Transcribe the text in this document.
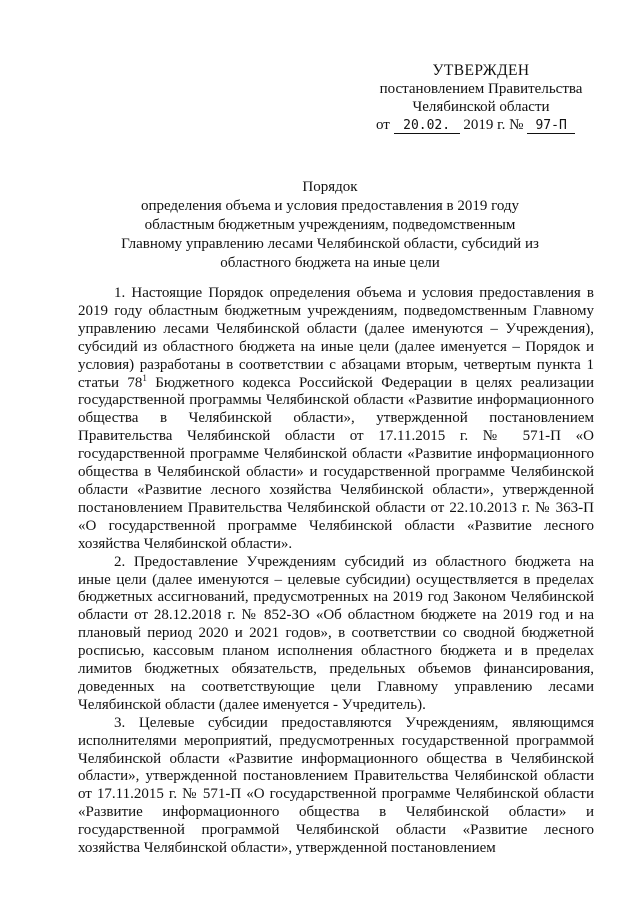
УТВЕРЖДЕН
постановлением Правительства
Челябинской области
от 20.02. 2019 г. № 97-П
Порядок
определения объема и условия предоставления в 2019 году
областным бюджетным учреждениям, подведомственным
Главному управлению лесами Челябинской области, субсидий из
областного бюджета на иные цели

1. Настоящие Порядок определения объема и условия предоставления в 2019 году областным бюджетным учреждениям, подведомственным Главному управлению лесами Челябинской области (далее именуются – Учреждения), субсидий из областного бюджета на иные цели (далее именуется – Порядок и условия) разработаны в соответствии с абзацами вторым, четвертым пункта 1 статьи $78^1$ Бюджетного кодекса Российской Федерации в целях реализации государственной программы Челябинской области «Развитие информационного общества в Челябинской области», утвержденной постановлением Правительства Челябинской области от 17.11.2015 г. № 571-П «О государственной программе Челябинской области «Развитие информационного общества в Челябинской области» и государственной программе Челябинской области «Развитие лесного хозяйства Челябинской области», утвержденной постановлением Правительства Челябинской области от 22.10.2013 г. № 363-П «О государственной программе Челябинской области «Развитие лесного хозяйства Челябинской области».

2. Предоставление Учреждениям субсидий из областного бюджета на иные цели (далее именуются – целевые субсидии) осуществляется в пределах бюджетных ассигнований, предусмотренных на 2019 год Законом Челябинской области от 28.12.2018 г. № 852-ЗО «Об областном бюджете на 2019 год и на плановый период 2020 и 2021 годов», в соответствии со сводной бюджетной росписью, кассовым планом исполнения областного бюджета и в пределах лимитов бюджетных обязательств, предельных объемов финансирования, доведенных на соответствующие цели Главному управлению лесами Челябинской области (далее именуется - Учредитель).

3. Целевые субсидии предоставляются Учреждениям, являющимся исполнителями мероприятий, предусмотренных государственной программой Челябинской области «Развитие информационного общества в Челябинской области», утвержденной постановлением Правительства Челябинской области от 17.11.2015 г. № 571-П «О государственной программе Челябинской области «Развитие информационного общества в Челябинской области» и государственной программой Челябинской области «Развитие лесного хозяйства Челябинской области», утвержденной постановлением
